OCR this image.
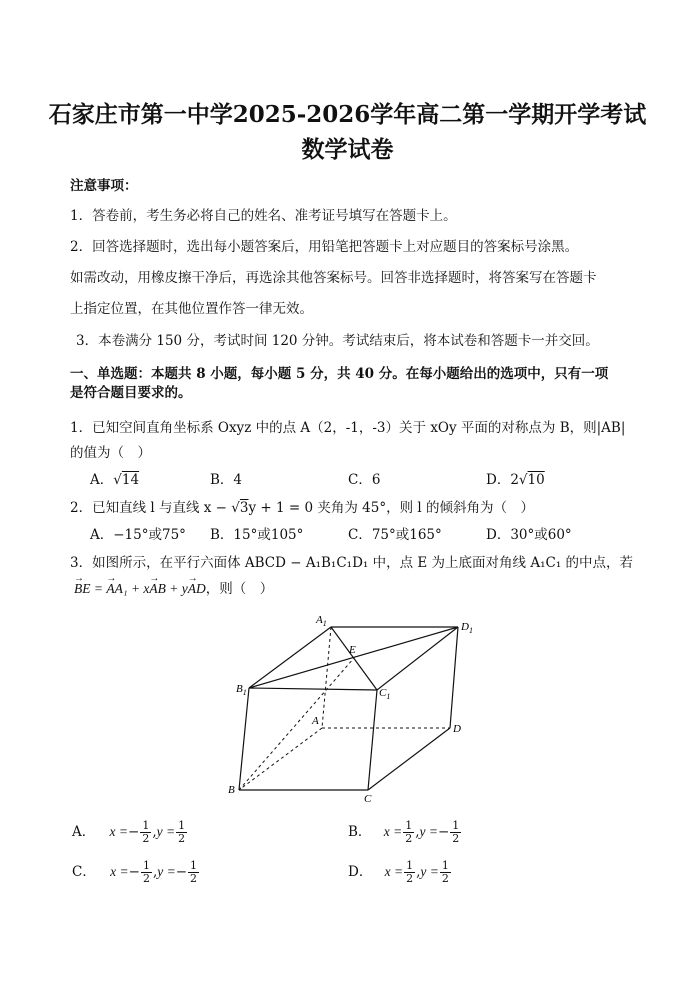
石家庄市第一中学2025-2026学年高二第一学期开学考试
数学试卷
注意事项：
1．答卷前，考生务必将自己的姓名、准考证号填写在答题卡上。
2．回答选择题时，选出每小题答案后，用铅笔把答题卡上对应题目的答案标号涂黑。
如需改动，用橡皮擦干净后，再选涂其他答案标号。回答非选择题时，将答案写在答题卡
上指定位置，在其他位置作答一律无效。
3．本卷满分 150 分，考试时间 120 分钟。考试结束后，将本试卷和答题卡一并交回。
一、单选题：本题共 8 小题，每小题 5 分，共 40 分。在每小题给出的选项中，只有一项
是符合题目要求的。
1．已知空间直角坐标系 Oxyz 中的点 A（2，-1，-3）关于 xOy 平面的对称点为 B，则|AB|
的值为（　）
A．√14	B．4	C．6	D．2√10
2．已知直线 l 与直线 x − √3y + 1 = 0 夹角为 45°，则 l 的倾斜角为（　）
A．−15°或75° B．15°或105°	C．75°或165°	D．30°或60°
3．如图所示，在平行六面体 ABCD − A₁B₁C₁D₁ 中，点 E 为上底面对角线 A₁C₁ 的中点，若
→ BE = → AA₁ + x→ AB + y→ AD，则（　）
$A_1$	$D_1$
E
$B_1$	$C_1$
A
D
B
C
A． $x =- \frac{1}{2} ,y = \frac{1}{2}$	B． $x = \frac{1}{2} ,y =- \frac{1}{2}$
C． $x =- \frac{1}{2} ,y =- \frac{1}{2}$	D． $x = \frac{1}{2} ,y = \frac{1}{2}$
